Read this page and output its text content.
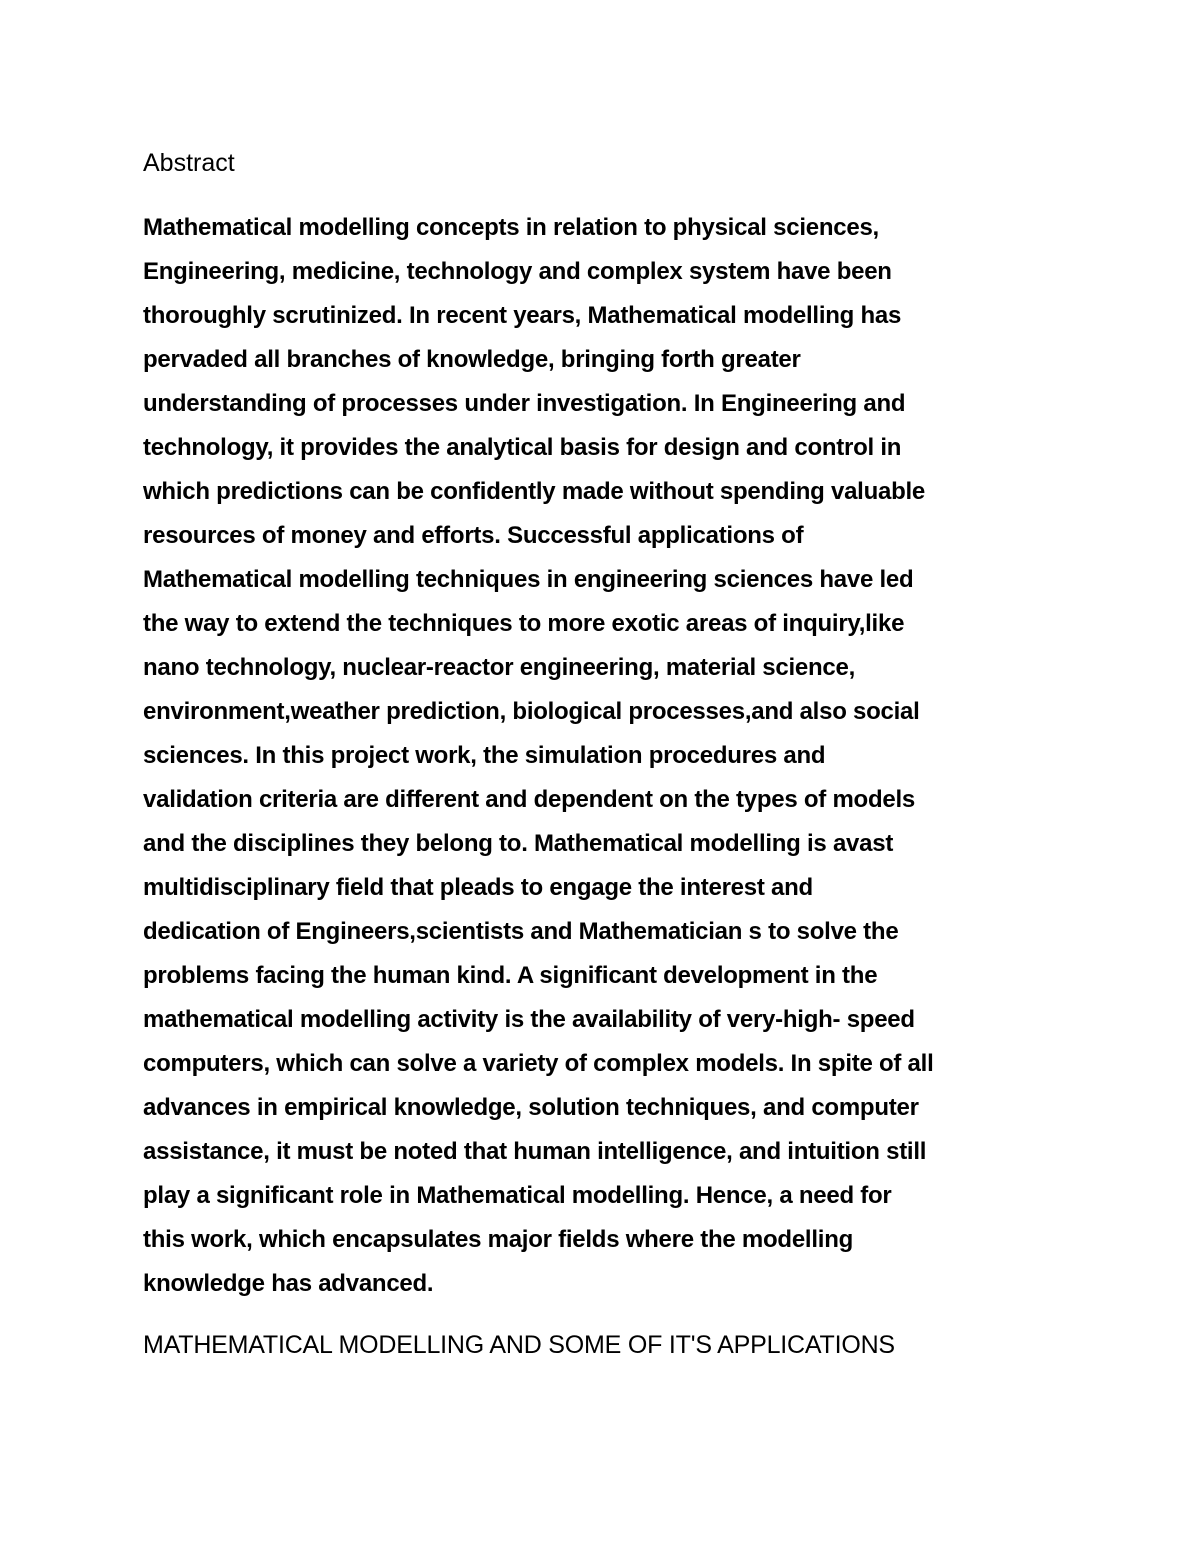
Abstract
Mathematical modelling concepts in relation to physical sciences,
Engineering, medicine, technology and complex system have been
thoroughly scrutinized. In recent years, Mathematical modelling has
pervaded all branches of knowledge, bringing forth greater
understanding of processes under investigation. In Engineering and
technology, it provides the analytical basis for design and control in
which predictions can be confidently made without spending valuable
resources of money and efforts. Successful applications of
Mathematical modelling techniques in engineering sciences have led
the way to extend the techniques to more exotic areas of inquiry,like
nano technology, nuclear-reactor engineering, material science,
environment,weather prediction, biological processes,and also social
sciences. In this project work, the simulation procedures and
validation criteria are different and dependent on the types of models
and the disciplines they belong to. Mathematical modelling is avast
multidisciplinary field that pleads to engage the interest and
dedication of Engineers,scientists and Mathematician s to solve the
problems facing the human kind. A significant development in the
mathematical modelling activity is the availability of very-high- speed
computers, which can solve a variety of complex models. In spite of all
advances in empirical knowledge, solution techniques, and computer
assistance, it must be noted that human intelligence, and intuition still
play a significant role in Mathematical modelling. Hence, a need for
this work, which encapsulates major fields where the modelling
knowledge has advanced.
MATHEMATICAL MODELLING AND SOME OF IT'S APPLICATIONS
